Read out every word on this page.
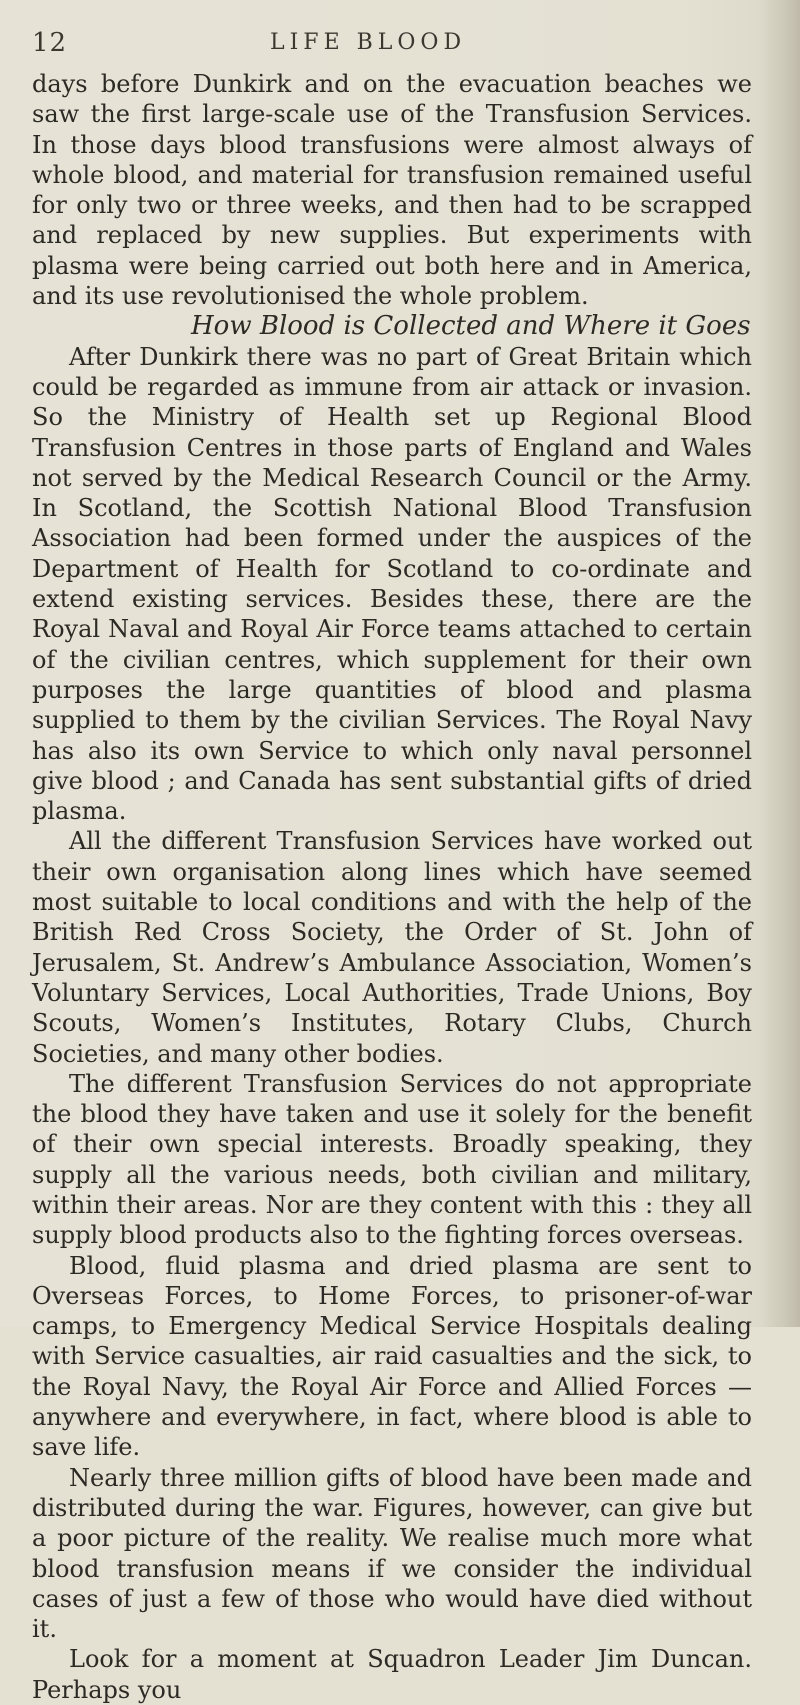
12	LIFE BLOOD

days before Dunkirk and on the evacuation beaches we saw the first large-scale use of the Transfusion Services. In those days blood transfusions were almost always of whole blood, and material for transfusion remained useful for only two or three weeks, and then had to be scrapped and replaced by new supplies. But experiments with plasma were being carried out both here and in America, and its use revolutionised the whole problem.

How Blood is Collected and Where it Goes

After Dunkirk there was no part of Great Britain which could be regarded as immune from air attack or invasion. So the Ministry of Health set up Regional Blood Transfusion Centres in those parts of England and Wales not served by the Medical Research Council or the Army. In Scotland, the Scottish National Blood Transfusion Association had been formed under the auspices of the Department of Health for Scotland to co-ordinate and extend existing services. Besides these, there are the Royal Naval and Royal Air Force teams attached to certain of the civilian centres, which supplement for their own purposes the large quantities of blood and plasma supplied to them by the civilian Services. The Royal Navy has also its own Service to which only naval personnel give blood ; and Canada has sent substantial gifts of dried plasma.

All the different Transfusion Services have worked out their own organisation along lines which have seemed most suitable to local conditions and with the help of the British Red Cross Society, the Order of St. John of Jerusalem, St. Andrew’s Ambulance Association, Women’s Voluntary Services, Local Authorities, Trade Unions, Boy Scouts, Women’s Institutes, Rotary Clubs, Church Societies, and many other bodies.

The different Transfusion Services do not appropriate the blood they have taken and use it solely for the benefit of their own special interests. Broadly speaking, they supply all the various needs, both civilian and military, within their areas. Nor are they content with this : they all supply blood products also to the fighting forces overseas.

Blood, fluid plasma and dried plasma are sent to Overseas Forces, to Home Forces, to prisoner-of-war camps, to Emergency Medical Service Hospitals dealing with Service casualties, air raid casualties and the sick, to the Royal Navy, the Royal Air Force and Allied Forces —anywhere and everywhere, in fact, where blood is able to save life.

Nearly three million gifts of blood have been made and distributed during the war. Figures, however, can give but a poor picture of the reality. We realise much more what blood transfusion means if we consider the individual cases of just a few of those who would have died without it.

Look for a moment at Squadron Leader Jim Duncan. Perhaps you
